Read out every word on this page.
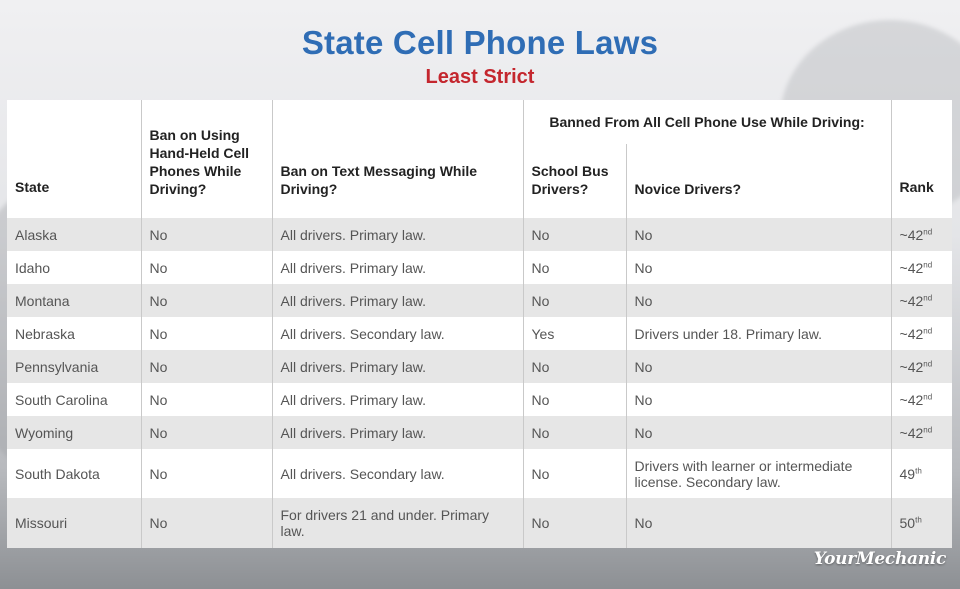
State Cell Phone Laws
Least Strict
State	Ban on Using Hand-Held Cell Phones While Driving?	Ban on Text Messaging While Driving?	Banned From All Cell Phone Use While Driving:		Rank
			School Bus Drivers?	Novice Drivers?	
Alaska	No	All drivers. Primary law.	No	No	~42nd
Idaho	No	All drivers. Primary law.	No	No	~42nd
Montana	No	All drivers. Primary law.	No	No	~42nd
Nebraska	No	All drivers. Secondary law.	Yes	Drivers under 18. Primary law.	~42nd
Pennsylvania	No	All drivers. Primary law.	No	No	~42nd
South Carolina	No	All drivers. Primary law.	No	No	~42nd
Wyoming	No	All drivers. Primary law.	No	No	~42nd
South Dakota	No	All drivers. Secondary law.	No	Drivers with learner or intermediate license. Secondary law.	49th
Missouri	No	For drivers 21 and under. Primary law.	No	No	50th
YourMechanic
